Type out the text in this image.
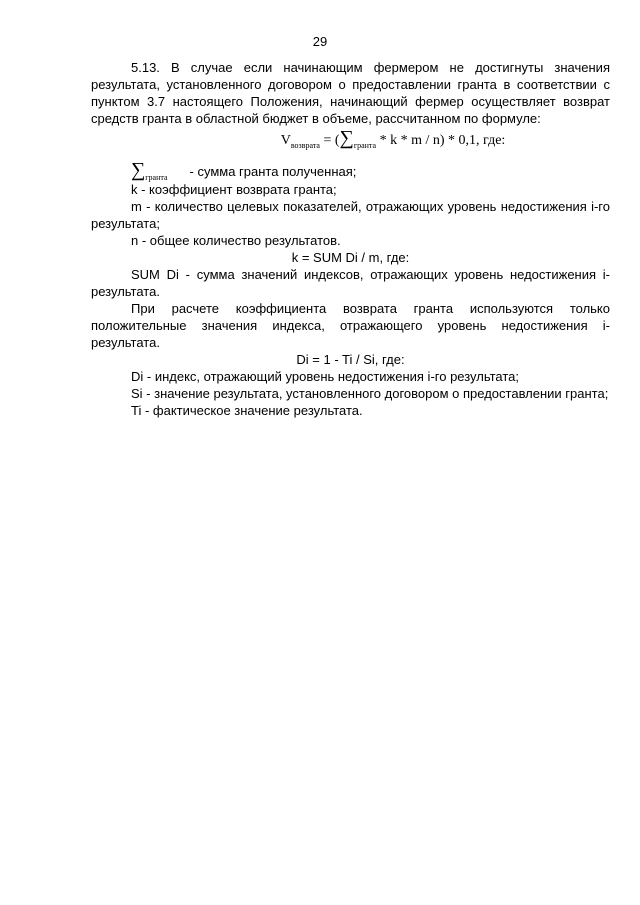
29

5.13. В случае если начинающим фермером не достигнуты значения результата, установленного договором о предоставлении гранта в соответствии с пунктом 3.7 настоящего Положения, начинающий фермер осуществляет возврат средств гранта в областной бюджет в объеме, рассчитанном по формуле:

$V_{возврата} = (\sum_{гранта} * k * m / n) * 0,1$, где:

$\sum_{гранта}$ - сумма гранта полученная;

k - коэффициент возврата гранта;

m - количество целевых показателей, отражающих уровень недостижения i-го результата;

n - общее количество результатов.

k = SUM Di / m, где:

SUM Di - сумма значений индексов, отражающих уровень недостижения i-результата.

При расчете коэффициента возврата гранта используются только положительные значения индекса, отражающего уровень недостижения i- результата.

Di = 1 - Ti / Si, где:

Di - индекс, отражающий уровень недостижения i-го результата;

Si - значение результата, установленного договором о предоставлении гранта;

Ti - фактическое значение результата.
